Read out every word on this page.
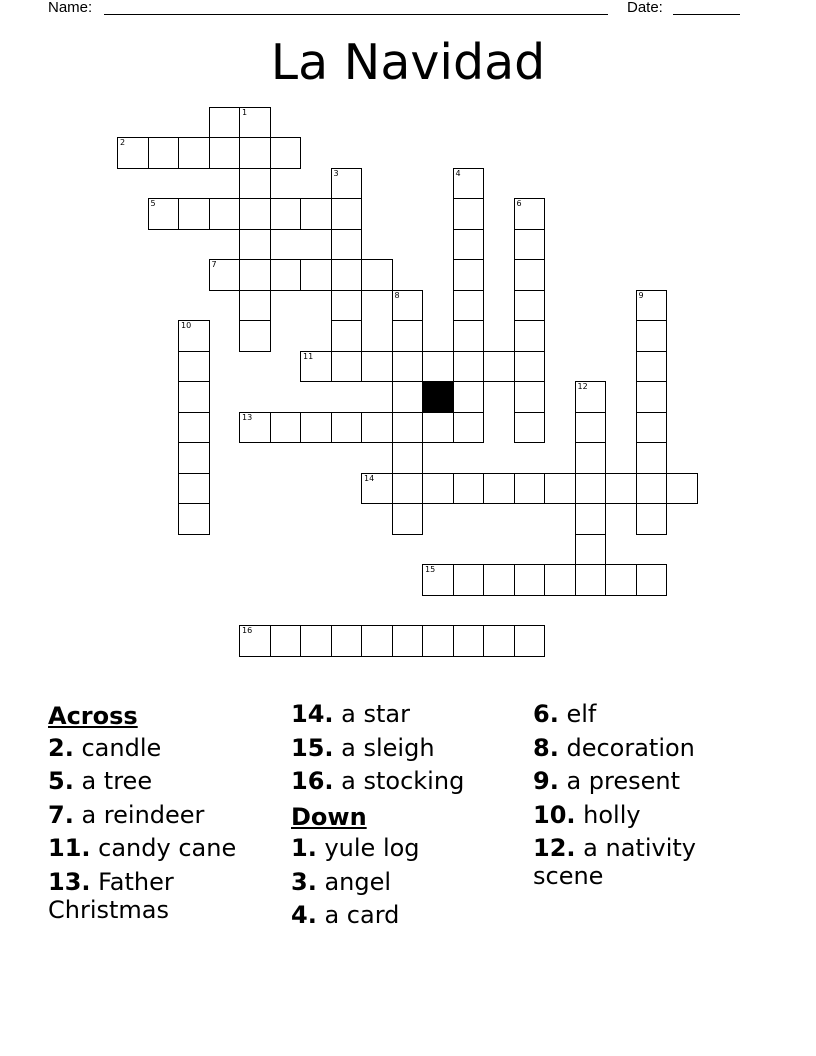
Name:	Date:
La Navidad
1
2
3	4
5	6
7
8	9
10
11
12
13
14
15
16
Across
2. candle
5. a tree
7. a reindeer
11. candy cane
13. Father Christmas
14. a star
15. a sleigh
16. a stocking
Down
1. yule log
3. angel
4. a card
6. elf
8. decoration
9. a present
10. holly
12. a nativity scene
